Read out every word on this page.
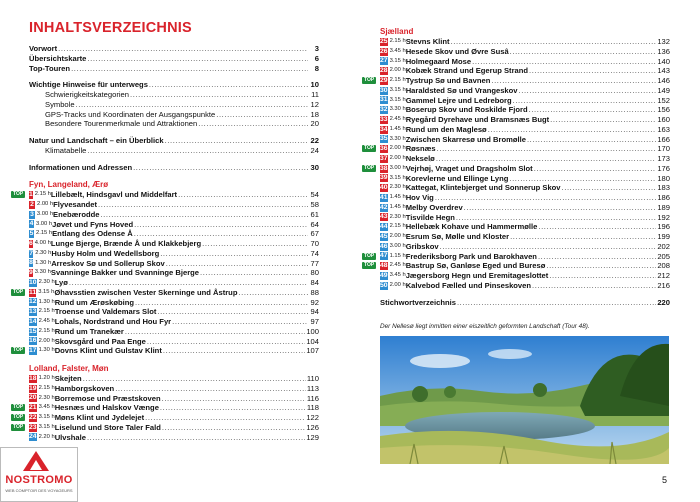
INHALTSVERZEICHNIS
Vorwort .....	3
Übersichtskarte .....	6
Top-Touren .....	8
Wichtige Hinweise für unterwegs .....	10
Schwierigkeitskategorien .....	11
Symbole .....	12
GPS-Tracks und Koordinaten der Ausgangspunkte .....	18
Besondere Tourenmerkmale und Attraktionen .....	20
Natur und Landschaft – ein Überblick .....	22
Klimatabelle .....	24
Informationen und Adressen .....	30
Fyn, Langeland, Ærø
TOP 1 2.15 h Lillebælt, Hindsgavl und Middelfart .....	54
2 2.00 h Flyvesandet .....	58
3 3.00 h Enebærodde .....	61
4 3.00 h Jøvet und Fyns Hoved .....	64
5 2.15 h Entlang des Odense Å .....	67
6 4.00 h Lunge Bjerge, Brænde Å und Klakkebjerg .....	70
7 2.30 h Husby Holm und Wedellsborg .....	74
8 1.30 h Arreskov Sø und Sollerup Skov .....	77
9 3.30 h Svanninge Bakker und Svanninge Bjerge .....	80
10 2.30 h Lyø .....	84
TOP 11 3.15 h Øhavsstien zwischen Vester Skerninge und Åstrup .....	88
12 1.30 h Rund um Ærøskøbing .....	92
13 2.15 h Troense und Valdemars Slot .....	94
14 2.45 h Lohals, Nordstrand und Hou Fyr .....	97
15 2.15 h Rund um Tranekær .....	100
16 2.00 h Skovsgård und Paa Enge .....	104
TOP 17 1.30 h Dovns Klint und Gulstav Klint .....	107
Lolland, Falster, Møn
18 1.20 h Skejten .....	110
19 2.15 h Hamborgskoven .....	113
20 2.30 h Borremose und Præstskoven .....	116
TOP 21 3.45 h Hesnæs und Halskov Vænge .....	118
TOP 22 3.15 h Møns Klint und Jydelejet .....	122
TOP 23 3.15 h Liselund und Store Taler Fald .....	126
24 2.20 h Ulvshale .....	129
Sjælland
25 2.15 h Stevns Klint .....	132
26 3.45 h Hesede Skov und Øvre Susâ .....	136
27 3.15 h Holmegaard Mose .....	140
28 2.00 h Kobæk Strand und Egerup Strand .....	143
TOP 29 2.15 h Tystrup Sø und Bavnen .....	146
30 3.15 h Haraldsted Sø und Vrangeskov .....	149
31 3.15 h Gammel Lejre und Ledreborg .....	152
32 3.30 h Boserup Skov und Roskilde Fjord .....	156
33 2.45 h Ryegård Dyrehave und Bramsnæs Bugt .....	160
34 1.45 h Rund um den Maglesø .....	163
35 3.30 h Zwischen Skarresø und Bromølle .....	166
TOP 36 2.00 h Røsnæs .....	170
37 2.00 h Nekselø .....	173
TOP 38 3.00 h Vejrhøj, Vraget und Dragsholm Slot .....	176
39 3.15 h Korevlerne und Ellinge Lyng .....	180
40 2.30 h Kattegat, Klintebjerget und Sonnerup Skov .....	183
41 1.45 h Hov Vig .....	186
42 1.45 h Melby Overdrev .....	189
43 2.30 h Tisvilde Hegn .....	192
44 2.15 h Hellebæk Kohave und Hammermølle .....	196
45 2.00 h Esrum Sø, Mølle und Kloster .....	199
46 3.00 h Gribskov .....	202
TOP 47 1.15 h Frederiksborg Park und Barokhaven .....	205
TOP 48 2.45 h Bastrup Sø, Ganløse Eged und Buresø .....	208
49 3.45 h Jægersborg Hegn und Eremitageslottet .....	212
50 2.00 h Kalvebod Fælled und Pinseskoven .....	216
Stichwortverzeichnis .....	220
Der Nellesø liegt inmitten einer eiszeitlich geformten Landschaft (Tour 48).
5
NOSTROMO
WEB COMPTOIR DES VOYAGEURS
